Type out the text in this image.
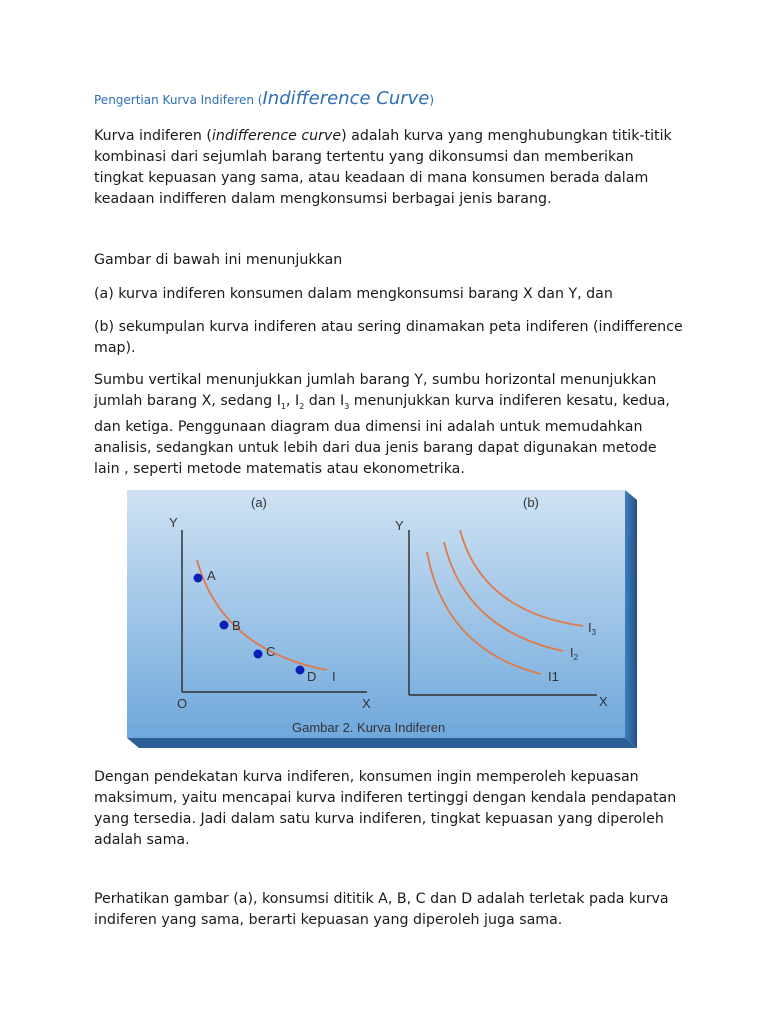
Pengertian Kurva Indiferen (Indifference Curve)

Kurva indiferen (indifference curve) adalah kurva yang menghubungkan titik-titik kombinasi dari sejumlah barang tertentu yang dikonsumsi dan memberikan tingkat kepuasan yang sama, atau keadaan di mana konsumen berada dalam keadaan indifferen dalam mengkonsumsi berbagai jenis barang.

Gambar di bawah ini menunjukkan

(a) kurva indiferen konsumen dalam mengkonsumsi barang X dan Y, dan

(b) sekumpulan kurva indiferen atau sering dinamakan peta indiferen (indifference map).

Sumbu vertikal menunjukkan jumlah barang Y, sumbu horizontal menunjukkan jumlah barang X, sedang $I_1$, $I_2$ dan $I_3$ menunjukkan kurva indiferen kesatu, kedua, dan ketiga. Penggunaan diagram dua dimensi ini adalah untuk memudahkan analisis, sedangkan untuk lebih dari dua jenis barang dapat digunakan metode lain , seperti metode matematis atau ekonometrika.

Dengan pendekatan kurva indiferen, konsumen ingin memperoleh kepuasan maksimum, yaitu mencapai kurva indiferen tertinggi dengan kendala pendapatan yang tersedia. Jadi dalam satu kurva indiferen, tingkat kepuasan yang diperoleh adalah sama.

Perhatikan gambar (a), konsumsi dititik A, B, C dan D adalah terletak pada kurva indiferen yang sama, berarti kepuasan yang diperoleh juga sama.

(a)	(b)
Y
X
O
A
B
C
D I
Y
X
I1
$I_2$
$I_3$
Gambar 2. Kurva Indiferen
